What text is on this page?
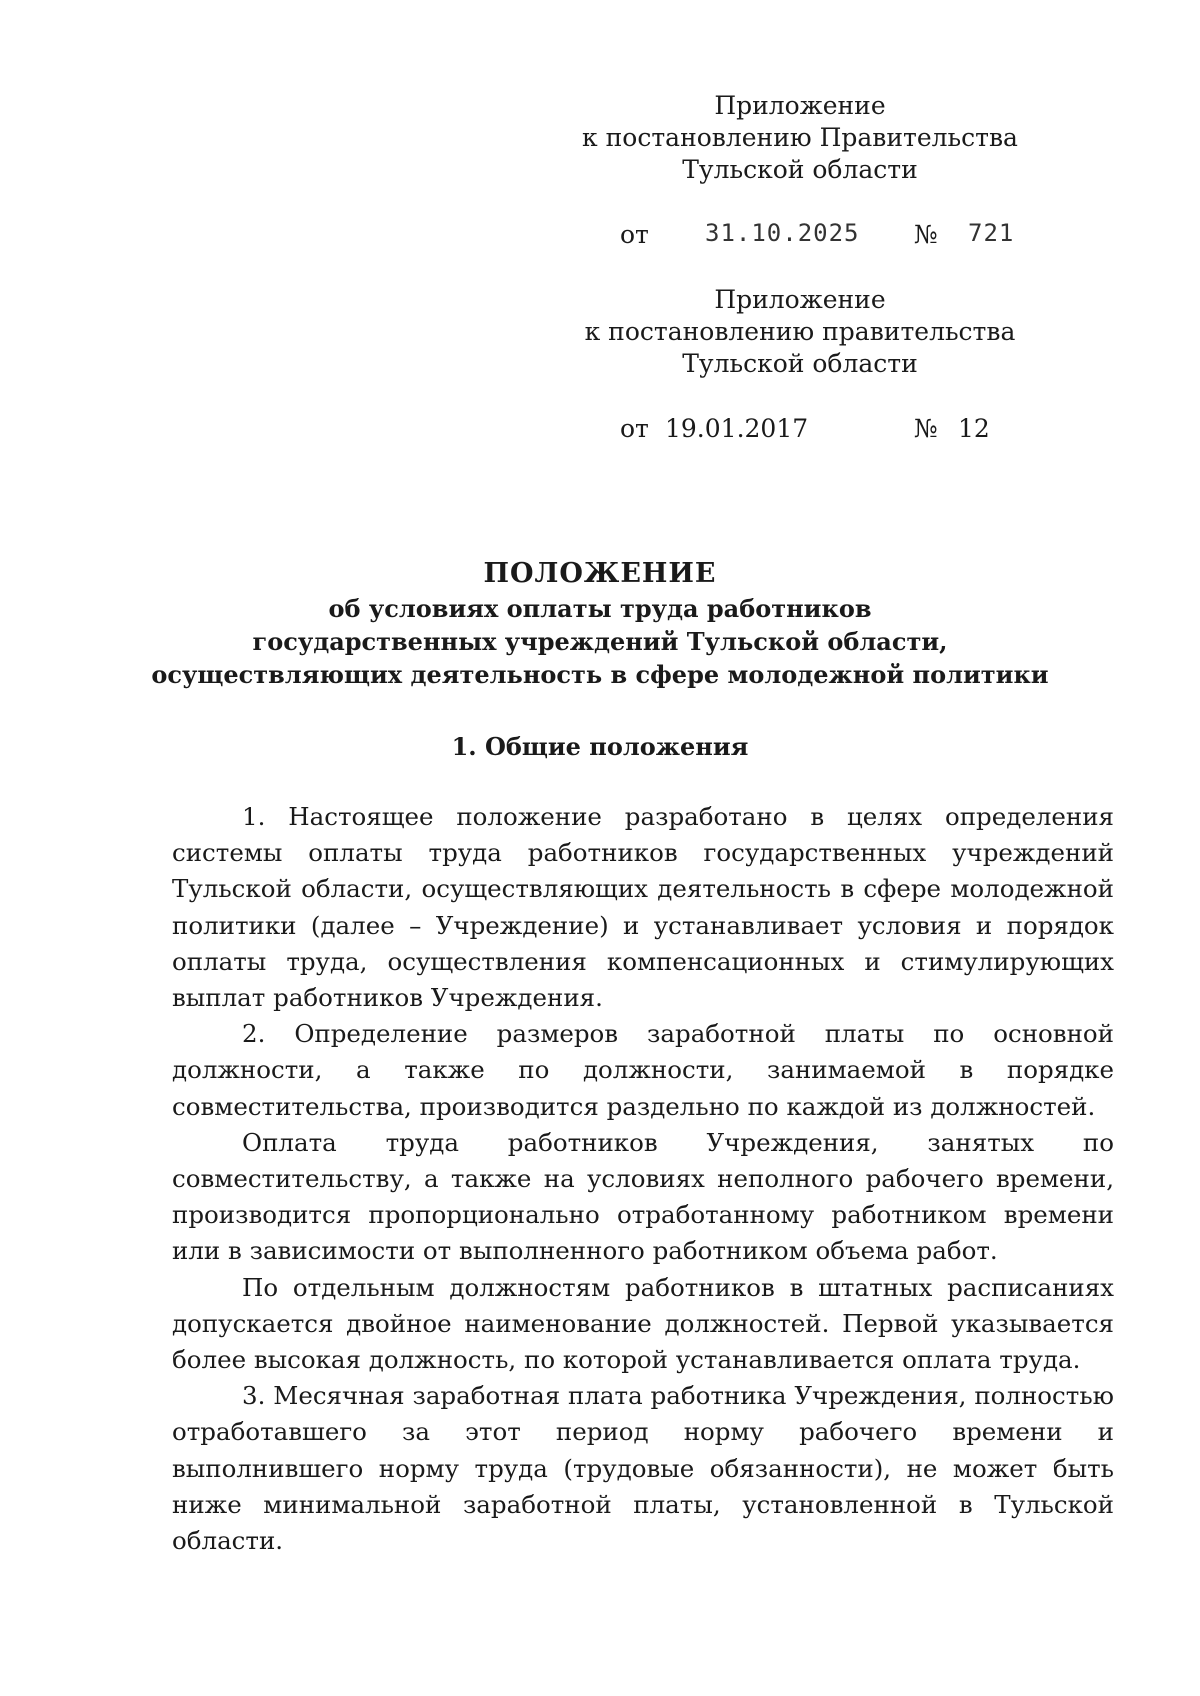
Приложение
к постановлению Правительства
Тульской области
от 31.10.2025 № 721
Приложение
к постановлению правительства
Тульской области
от 19.01.2017	№ 12
ПОЛОЖЕНИЕ
об условиях оплаты труда работников
государственных учреждений Тульской области,
осуществляющих деятельность в сфере молодежной политики
1. Общие положения

1. Настоящее положение разработано в целях определения системы оплаты труда работников государственных учреждений Тульской области, осуществляющих деятельность в сфере молодежной политики (далее – Учреждение) и устанавливает условия и порядок оплаты труда, осуществления компенсационных и стимулирующих выплат работников Учреждения.

2. Определение размеров заработной платы по основной должности, а также по должности, занимаемой в порядке совместительства, производится раздельно по каждой из должностей.

Оплата труда работников Учреждения, занятых по совместительству, а также на условиях неполного рабочего времени, производится пропорционально отработанному работником времени или в зависимости от выполненного работником объема работ.

По отдельным должностям работников в штатных расписаниях допускается двойное наименование должностей. Первой указывается более высокая должность, по которой устанавливается оплата труда.

3. Месячная заработная плата работника Учреждения, полностью отработавшего за этот период норму рабочего времени и выполнившего норму труда (трудовые обязанности), не может быть ниже минимальной заработной платы, установленной в Тульской области.
